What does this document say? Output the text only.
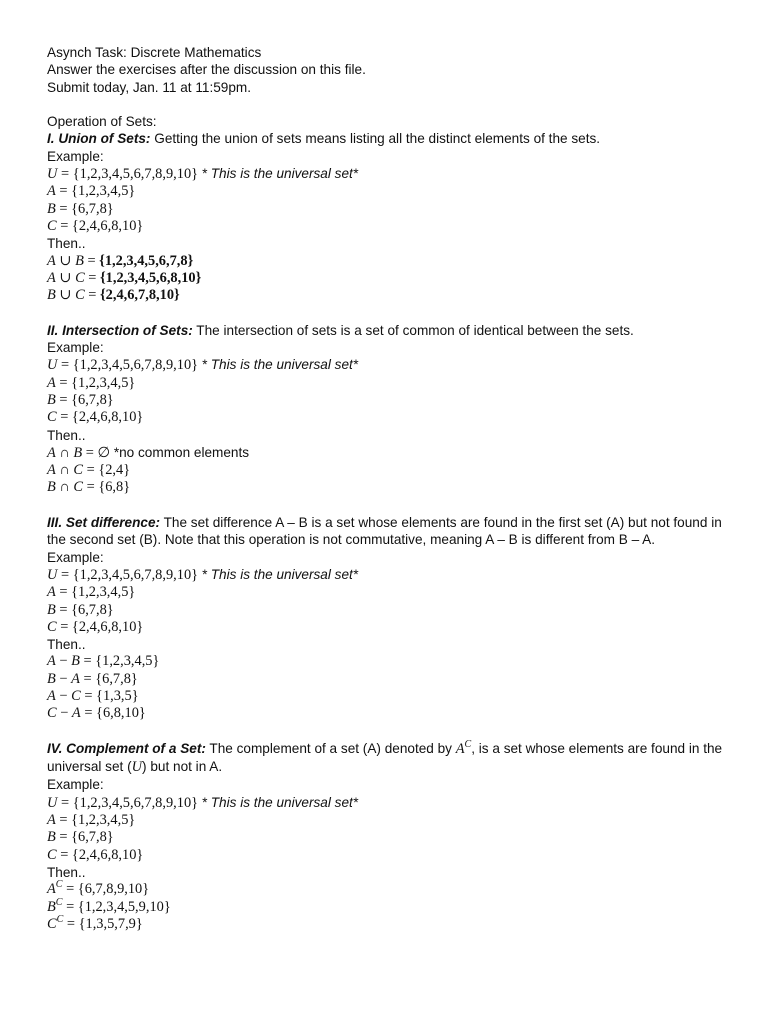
Asynch Task: Discrete Mathematics
Answer the exercises after the discussion on this file.
Submit today, Jan. 11 at 11:59pm.
Operation of Sets:
I. Union of Sets: Getting the union of sets means listing all the distinct elements of the sets.
Example:
U = {1,2,3,4,5,6,7,8,9,10} * This is the universal set*
A = {1,2,3,4,5}
B = {6,7,8}
C = {2,4,6,8,10}
Then..
A ∪ B = {1,2,3,4,5,6,7,8}
A ∪ C = {1,2,3,4,5,6,8,10}
B ∪ C = {2,4,6,7,8,10}
II. Intersection of Sets: The intersection of sets is a set of common of identical between the sets.
Example:
U = {1,2,3,4,5,6,7,8,9,10} * This is the universal set*
A = {1,2,3,4,5}
B = {6,7,8}
C = {2,4,6,8,10}
Then..
A ∩ B = ∅ *no common elements
A ∩ C = {2,4}
B ∩ C = {6,8}
III. Set difference: The set difference A – B is a set whose elements are found in the first set (A) but not found in the second set (B). Note that this operation is not commutative, meaning A – B is different from B – A.
Example:
U = {1,2,3,4,5,6,7,8,9,10} * This is the universal set*
A = {1,2,3,4,5}
B = {6,7,8}
C = {2,4,6,8,10}
Then..
A − B = {1,2,3,4,5}
B − A = {6,7,8}
A − C = {1,3,5}
C − A = {6,8,10}
IV. Complement of a Set: The complement of a set (A) denoted by $A^C$, is a set whose elements are found in the universal set (U) but not in A.
Example:
U = {1,2,3,4,5,6,7,8,9,10} * This is the universal set*
A = {1,2,3,4,5}
B = {6,7,8}
C = {2,4,6,8,10}
Then..
$A^C = \{6,7,8,9,10\}$
$B^C = \{1,2,3,4,5,9,10\}$
$C^C = \{1,3,5,7,9\}$
